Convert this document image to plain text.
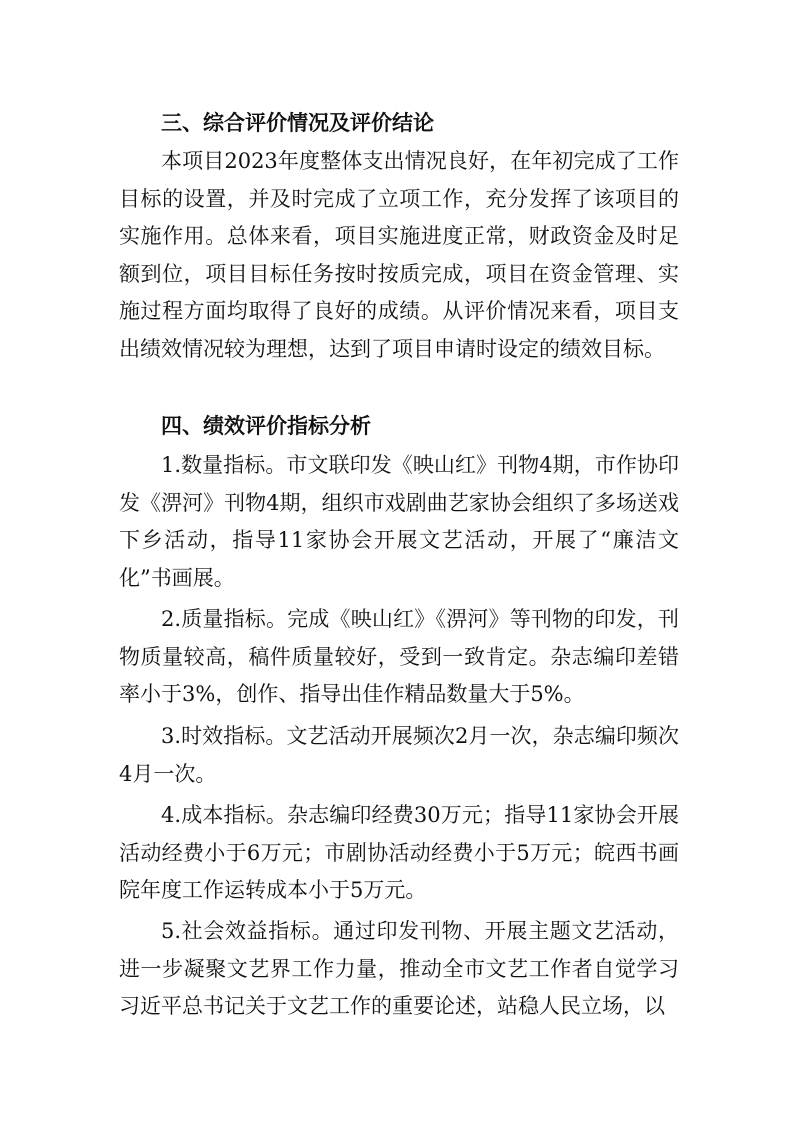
三、综合评价情况及评价结论

本项目2023年度整体支出情况良好，在年初完成了工作目标的设置，并及时完成了立项工作，充分发挥了该项目的实施作用。总体来看，项目实施进度正常，财政资金及时足额到位，项目目标任务按时按质完成，项目在资金管理、实施过程方面均取得了良好的成绩。从评价情况来看，项目支出绩效情况较为理想，达到了项目申请时设定的绩效目标。

四、绩效评价指标分析

1.数量指标。市文联印发《映山红》刊物4期，市作协印发《淠河》刊物4期，组织市戏剧曲艺家协会组织了多场送戏下乡活动，指导11家协会开展文艺活动，开展了“廉洁文化”书画展。

2.质量指标。完成《映山红》《淠河》等刊物的印发，刊物质量较高，稿件质量较好，受到一致肯定。杂志编印差错率小于3%，创作、指导出佳作精品数量大于5%。

3.时效指标。文艺活动开展频次2月一次，杂志编印频次4月一次。

4.成本指标。杂志编印经费30万元；指导11家协会开展活动经费小于6万元；市剧协活动经费小于5万元；皖西书画院年度工作运转成本小于5万元。

5.社会效益指标。通过印发刊物、开展主题文艺活动，进一步凝聚文艺界工作力量，推动全市文艺工作者自觉学习习近平总书记关于文艺工作的重要论述，站稳人民立场，以
